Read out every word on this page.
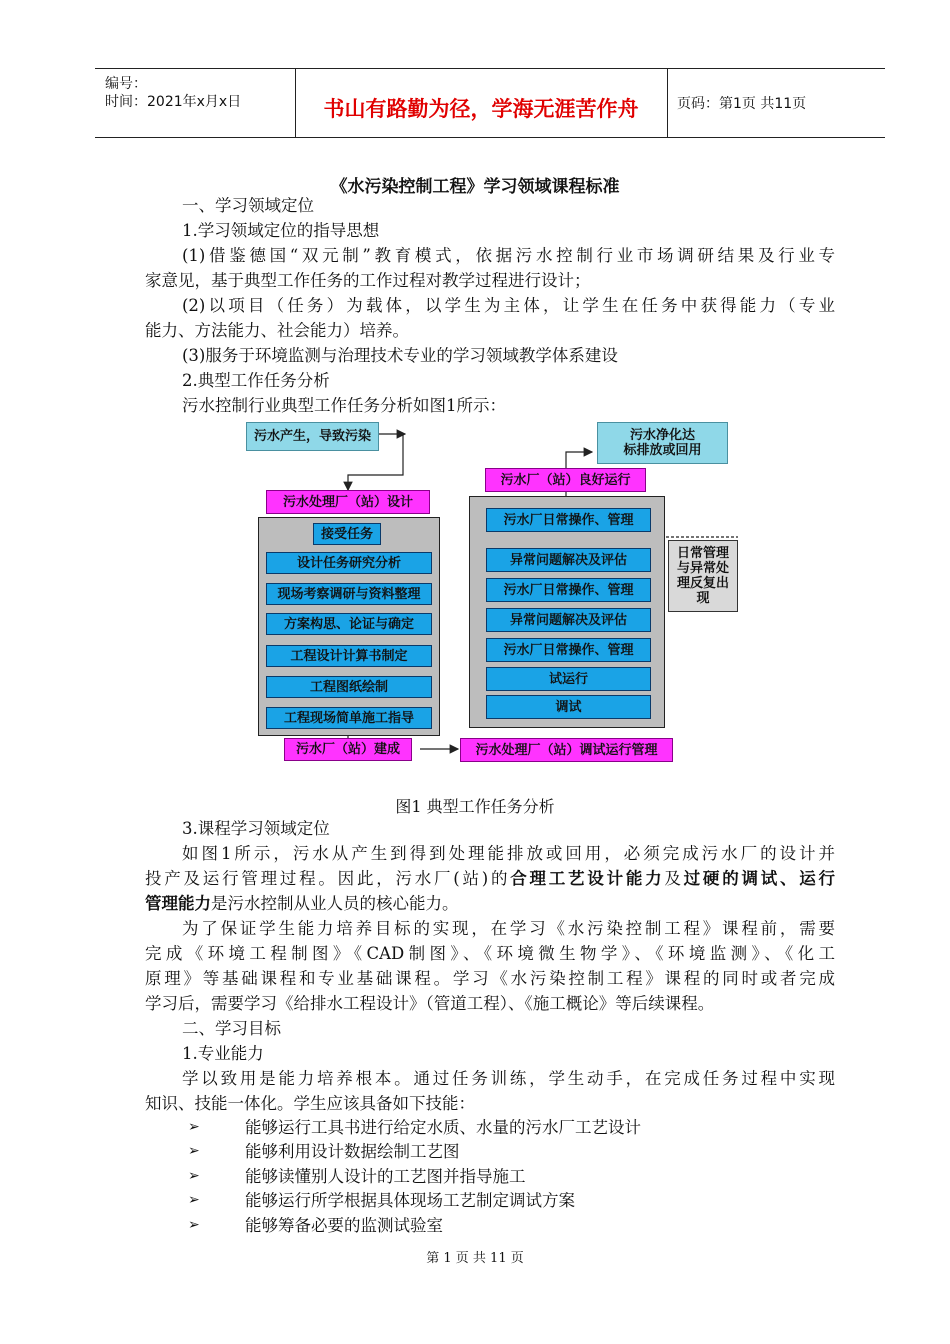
编号：
时间：2021年x月x日	书山有路勤为径，学海无涯苦作舟	页码：第1页 共11页
《水污染控制工程》学习领域课程标准
一、学习领域定位
1.学习领域定位的指导思想
(1)借鉴德国“双元制”教育模式，依据污水控制行业市场调研结果及行业专
家意见，基于典型工作任务的工作过程对教学过程进行设计；
(2)以项目（任务）为载体，以学生为主体，让学生在任务中获得能力（专业
能力、方法能力、社会能力）培养。
(3)服务于环境监测与治理技术专业的学习领域教学体系建设
2.典型工作任务分析
污水控制行业典型工作任务分析如图1所示：
污水产生，导致污染
污水处理厂（站）设计
接受任务
设计任务研究分析
现场考察调研与资料整理
方案构思、论证与确定
工程设计计算书制定
工程图纸绘制
工程现场简单施工指导
污水厂（站）建成	污水处理厂（站）调试运行管理
污水净化达
标排放或回用
污水厂（站）良好运行
污水厂日常操作、管理
异常问题解决及评估
污水厂日常操作、管理
异常问题解决及评估
污水厂日常操作、管理
试运行
调试
日常管理
与异常处
理反复出
现
图1 典型工作任务分析
3.课程学习领域定位
如图1所示，污水从产生到得到处理能排放或回用，必须完成污水厂的设计并
投产及运行管理过程。因此，污水厂(站)的合理工艺设计能力及过硬的调试、运行
管理能力是污水控制从业人员的核心能力。
为了保证学生能力培养目标的实现，在学习《水污染控制工程》课程前，需要
完成《环境工程制图》《CAD制图》、《环境微生物学》、《环境监测》、《化工
原理》等基础课程和专业基础课程。学习《水污染控制工程》课程的同时或者完成
学习后，需要学习《给排水工程设计》（管道工程）、《施工概论》等后续课程。
二、学习目标
1.专业能力
学以致用是能力培养根本。通过任务训练，学生动手，在完成任务过程中实现
知识、技能一体化。学生应该具备如下技能：
➢	能够运行工具书进行给定水质、水量的污水厂工艺设计
➢	能够利用设计数据绘制工艺图
➢	能够读懂别人设计的工艺图并指导施工
➢	能够运行所学根据具体现场工艺制定调试方案
➢	能够筹备必要的监测试验室
第 1 页 共 11 页
